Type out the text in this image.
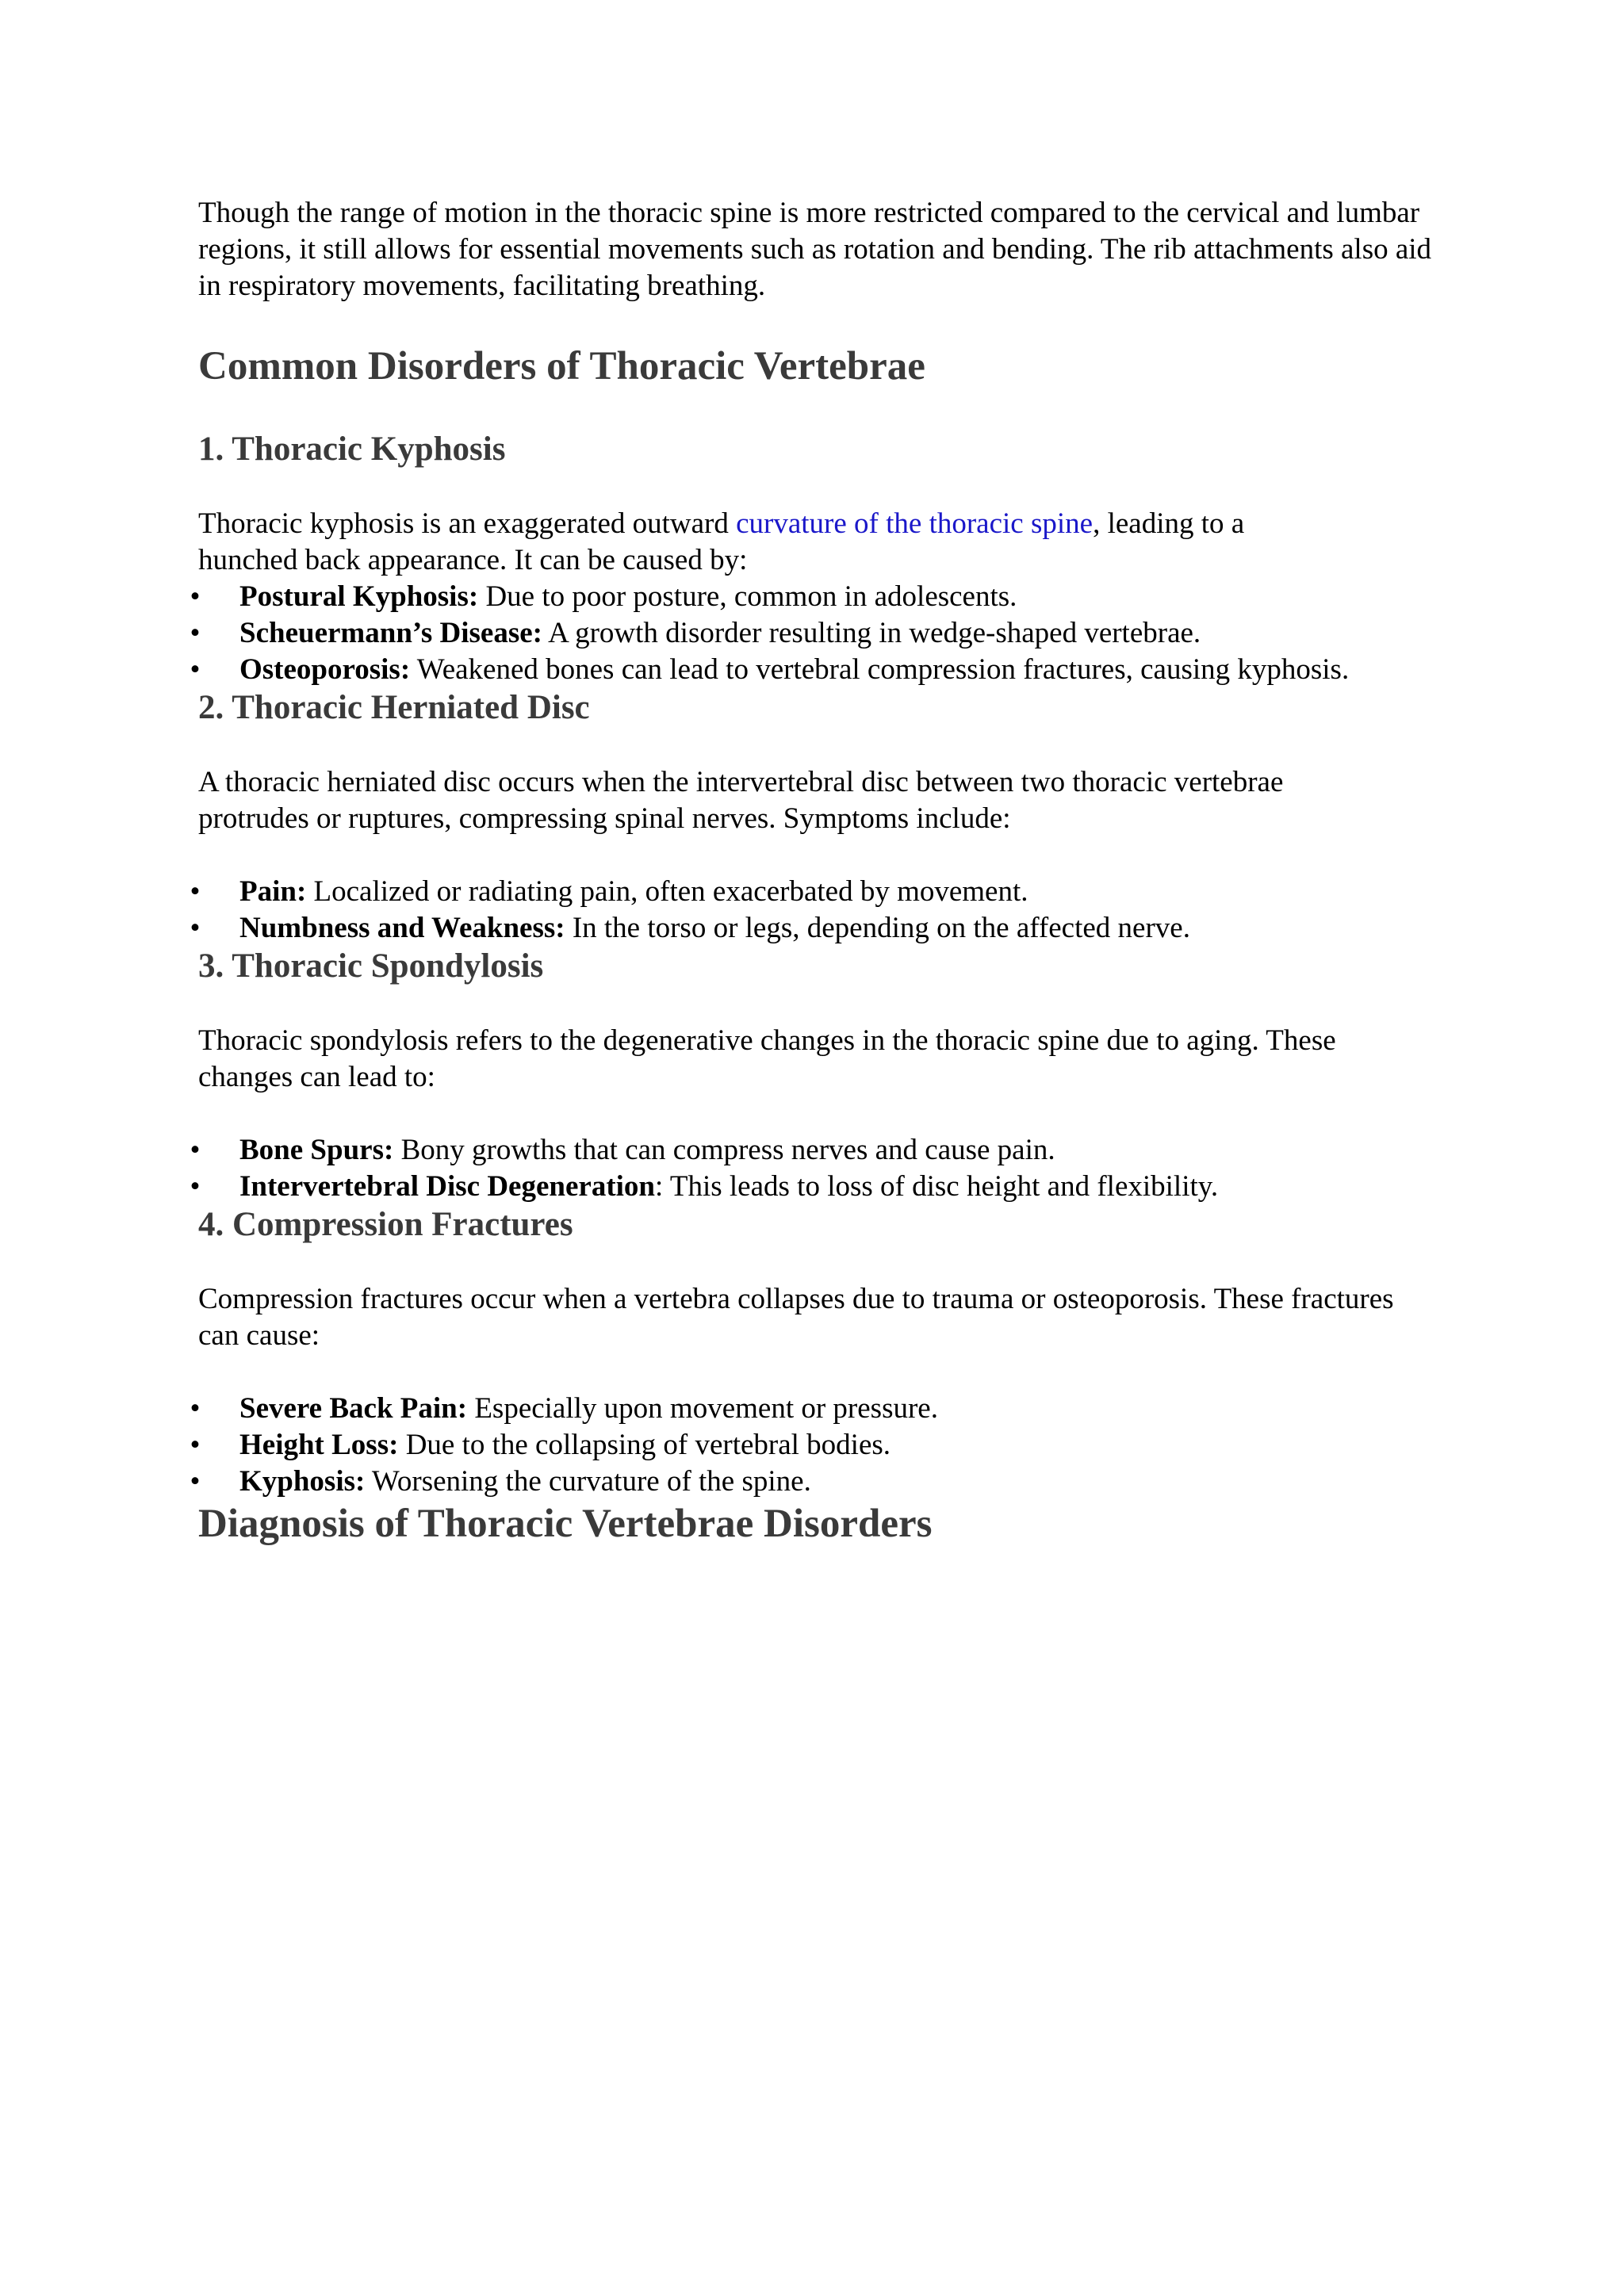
Though the range of motion in the thoracic spine is more restricted compared to the cervical and lumbar regions, it still allows for essential movements such as rotation and bending. The rib attachments also aid in respiratory movements, facilitating breathing.

Common Disorders of Thoracic Vertebrae
1. Thoracic Kyphosis

Thoracic kyphosis is an exaggerated outward curvature of the thoracic spine, leading to a hunched back appearance. It can be caused by:

• Postural Kyphosis: Due to poor posture, common in adolescents.
• Scheuermann’s Disease: A growth disorder resulting in wedge-shaped vertebrae.
• Osteoporosis: Weakened bones can lead to vertebral compression fractures, causing kyphosis.
2. Thoracic Herniated Disc

A thoracic herniated disc occurs when the intervertebral disc between two thoracic vertebrae protrudes or ruptures, compressing spinal nerves. Symptoms include:

• Pain: Localized or radiating pain, often exacerbated by movement.
• Numbness and Weakness: In the torso or legs, depending on the affected nerve.
3. Thoracic Spondylosis

Thoracic spondylosis refers to the degenerative changes in the thoracic spine due to aging. These changes can lead to:

• Bone Spurs: Bony growths that can compress nerves and cause pain.
• Intervertebral Disc Degeneration: This leads to loss of disc height and flexibility.
4. Compression Fractures

Compression fractures occur when a vertebra collapses due to trauma or osteoporosis. These fractures can cause:

• Severe Back Pain: Especially upon movement or pressure.
• Height Loss: Due to the collapsing of vertebral bodies.
• Kyphosis: Worsening the curvature of the spine.
Diagnosis of Thoracic Vertebrae Disorders
